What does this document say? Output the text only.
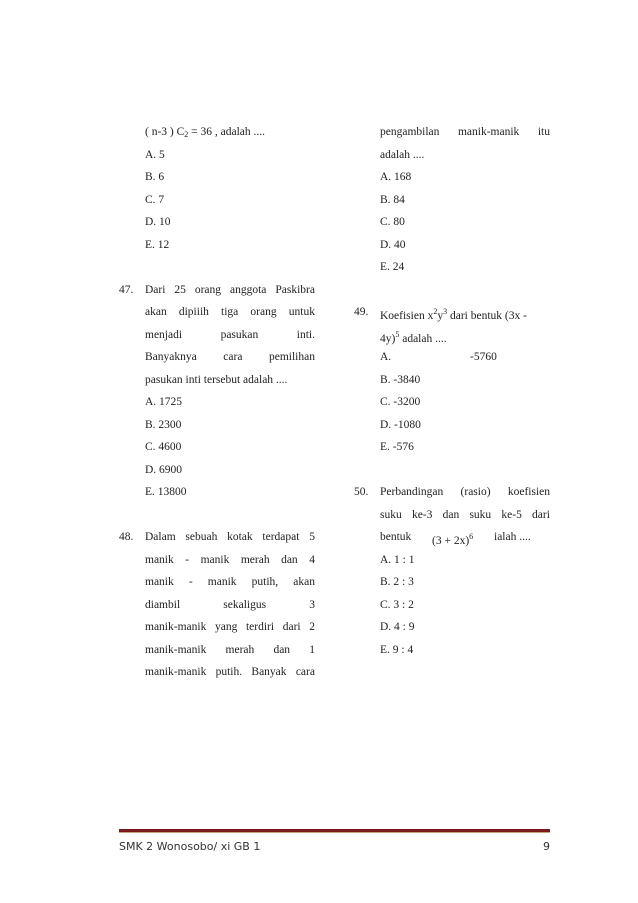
( n-3 ) $C_2 = 36$ , adalah ....
A. 5
B. 6
C. 7
D. 10
E. 12
47. Dari 25 orang anggota Paskibra
akan dipiiih tiga orang untuk
menjadi	pasukan	inti.
Banyaknya cara pemilihan
pasukan inti tersebut adalah ....
A. 1725
B. 2300
C. 4600
D. 6900
E. 13800
48. Dalam sebuah kotak terdapat 5
manik - manik merah dan 4
manik - manik putih, akan
diambil	sekaligus	3
manik-manik yang terdiri dari 2
manik-manik merah dan 1
manik-manik putih. Banyak cara
pengambilan manik-manik itu
adalah ....
A. 168
B. 84
C. 80
D. 40
E. 24
49. Koefisien $x^2y^3$ dari bentuk (3x -
4y)$^5$ adalah ....
A.	-5760
B. -3840
C. -3200
D. -1080
E. -576
50. Perbandingan (rasio) koefisien
suku ke-3 dan suku ke-5 dari
bentuk $(3 + 2x)^6$ ialah ....
A. 1 : 1
B. 2 : 3
C. 3 : 2
D. 4 : 9
E. 9 : 4
SMK 2 Wonosobo/ xi GB 1	9
